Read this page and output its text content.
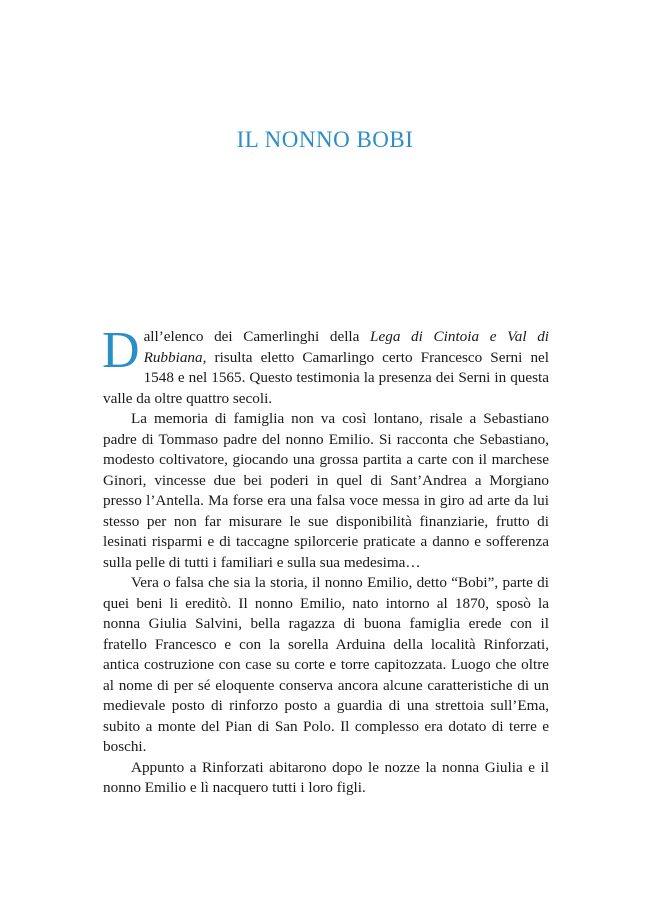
IL NONNO BOBI

Dall’elenco dei Camerlinghi della Lega di Cintoia e Val di Rubbiana, risulta eletto Camarlingo certo Francesco Serni nel 1548 e nel 1565. Questo testimonia la presenza dei Serni in questa valle da oltre quattro secoli.

La memoria di famiglia non va così lontano, risale a Sebastiano padre di Tommaso padre del nonno Emilio. Si racconta che Sebastiano, modesto coltivatore, giocando una grossa partita a carte con il marchese Ginori, vincesse due bei poderi in quel di Sant’Andrea a Morgiano presso l’Antella. Ma forse era una falsa voce messa in giro ad arte da lui stesso per non far misurare le sue disponibilità finanziarie, frutto di lesinati risparmi e di taccagne spilorcerie praticate a danno e sofferenza sulla pelle di tutti i familiari e sulla sua medesima…

Vera o falsa che sia la storia, il nonno Emilio, detto “Bobi”, parte di quei beni li ereditò. Il nonno Emilio, nato intorno al 1870, sposò la nonna Giulia Salvini, bella ragazza di buona famiglia erede con il fratello Francesco e con la sorella Arduina della località Rinforzati, antica costruzione con case su corte e torre capitozzata. Luogo che oltre al nome di per sé eloquente conserva ancora alcune caratteristiche di un medievale posto di rinforzo posto a guardia di una strettoia sull’Ema, subito a monte del Pian di San Polo. Il complesso era dotato di terre e boschi.

Appunto a Rinforzati abitarono dopo le nozze la nonna Giulia e il nonno Emilio e lì nacquero tutti i loro figli.
